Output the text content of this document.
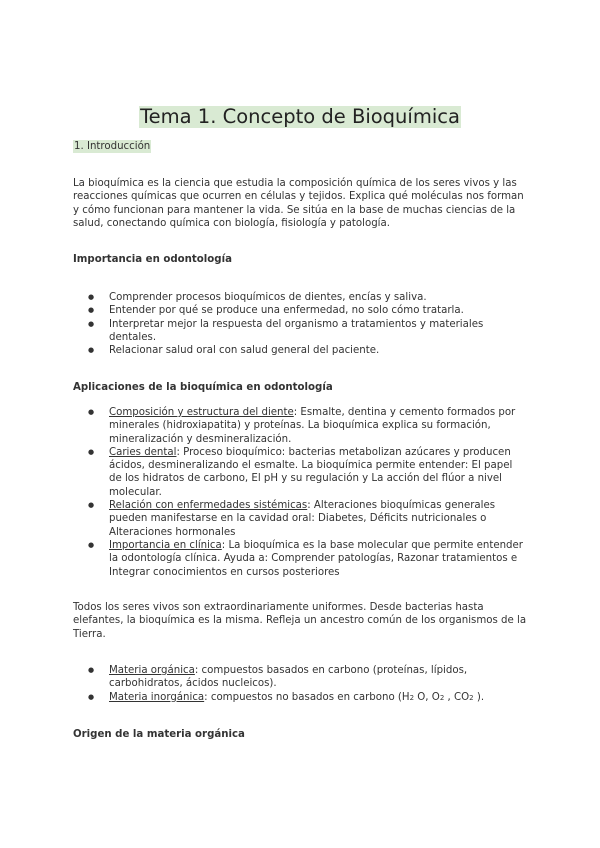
Tema 1. Concepto de Bioquímica
1. Introducción

La bioquímica es la ciencia que estudia la composición química de los seres vivos y las reacciones químicas que ocurren en células y tejidos. Explica qué moléculas nos forman y cómo funcionan para mantener la vida. Se sitúa en la base de muchas ciencias de la salud, conectando química con biología, fisiología y patología.

Importancia en odontología

● Comprender procesos bioquímicos de dientes, encías y saliva.
● Entender por qué se produce una enfermedad, no solo cómo tratarla.
● Interpretar mejor la respuesta del organismo a tratamientos y materiales dentales.
● Relacionar salud oral con salud general del paciente.

Aplicaciones de la bioquímica en odontología

● Composición y estructura del diente: Esmalte, dentina y cemento formados por minerales (hidroxiapatita) y proteínas. La bioquímica explica su formación, mineralización y desmineralización.
● Caries dental: Proceso bioquímico: bacterias metabolizan azúcares y producen ácidos, desmineralizando el esmalte. La bioquímica permite entender: El papel de los hidratos de carbono, El pH y su regulación y La acción del flúor a nivel molecular.
● Relación con enfermedades sistémicas: Alteraciones bioquímicas generales pueden manifestarse en la cavidad oral: Diabetes, Déficits nutricionales o Alteraciones hormonales
● Importancia en clínica: La bioquímica es la base molecular que permite entender la odontología clínica. Ayuda a: Comprender patologías, Razonar tratamientos e Integrar conocimientos en cursos posteriores

Todos los seres vivos son extraordinariamente uniformes. Desde bacterias hasta elefantes, la bioquímica es la misma. Refleja un ancestro común de los organismos de la Tierra.

● Materia orgánica: compuestos basados en carbono (proteínas, lípidos, carbohidratos, ácidos nucleicos).
● Materia inorgánica: compuestos no basados en carbono (H2 O, O2 , CO2 ).

Origen de la materia orgánica
